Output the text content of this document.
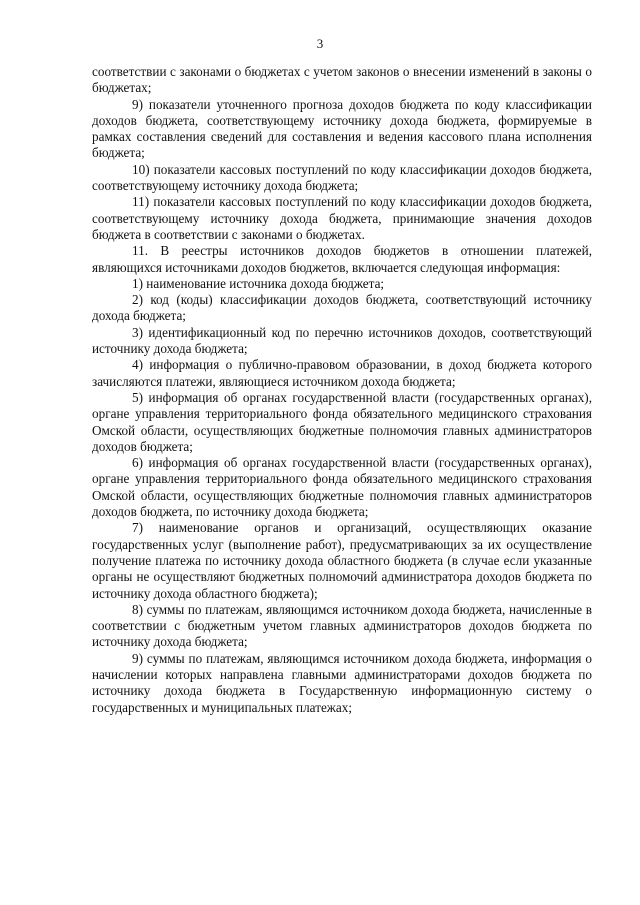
3

соответствии с законами о бюджетах с учетом законов о внесении изменений в законы о бюджетах;

9) показатели уточненного прогноза доходов бюджета по коду классификации доходов бюджета, соответствующему источнику дохода бюджета, формируемые в рамках составления сведений для составления и ведения кассового плана исполнения бюджета;

10) показатели кассовых поступлений по коду классификации доходов бюджета, соответствующему источнику дохода бюджета;

11) показатели кассовых поступлений по коду классификации доходов бюджета, соответствующему источнику дохода бюджета, принимающие значения доходов бюджета в соответствии с законами о бюджетах.

11. В реестры источников доходов бюджетов в отношении платежей, являющихся источниками доходов бюджетов, включается следующая информация:

1) наименование источника дохода бюджета;

2) код (коды) классификации доходов бюджета, соответствующий источнику дохода бюджета;

3) идентификационный код по перечню источников доходов, соответствующий источнику дохода бюджета;

4) информация о публично-правовом образовании, в доход бюджета которого зачисляются платежи, являющиеся источником дохода бюджета;

5) информация об органах государственной власти (государственных органах), органе управления территориального фонда обязательного медицинского страхования Омской области, осуществляющих бюджетные полномочия главных администраторов доходов бюджета;

6) информация об органах государственной власти (государственных органах), органе управления территориального фонда обязательного медицинского страхования Омской области, осуществляющих бюджетные полномочия главных администраторов доходов бюджета, по источнику дохода бюджета;

7) наименование органов и организаций, осуществляющих оказание государственных услуг (выполнение работ), предусматривающих за их осуществление получение платежа по источнику дохода областного бюджета (в случае если указанные органы не осуществляют бюджетных полномочий администратора доходов бюджета по источнику дохода областного бюджета);

8) суммы по платежам, являющимся источником дохода бюджета, начисленные в соответствии с бюджетным учетом главных администраторов доходов бюджета по источнику дохода бюджета;

9) суммы по платежам, являющимся источником дохода бюджета, информация о начислении которых направлена главными администраторами доходов бюджета по источнику дохода бюджета в Государственную информационную систему о государственных и муниципальных платежах;
